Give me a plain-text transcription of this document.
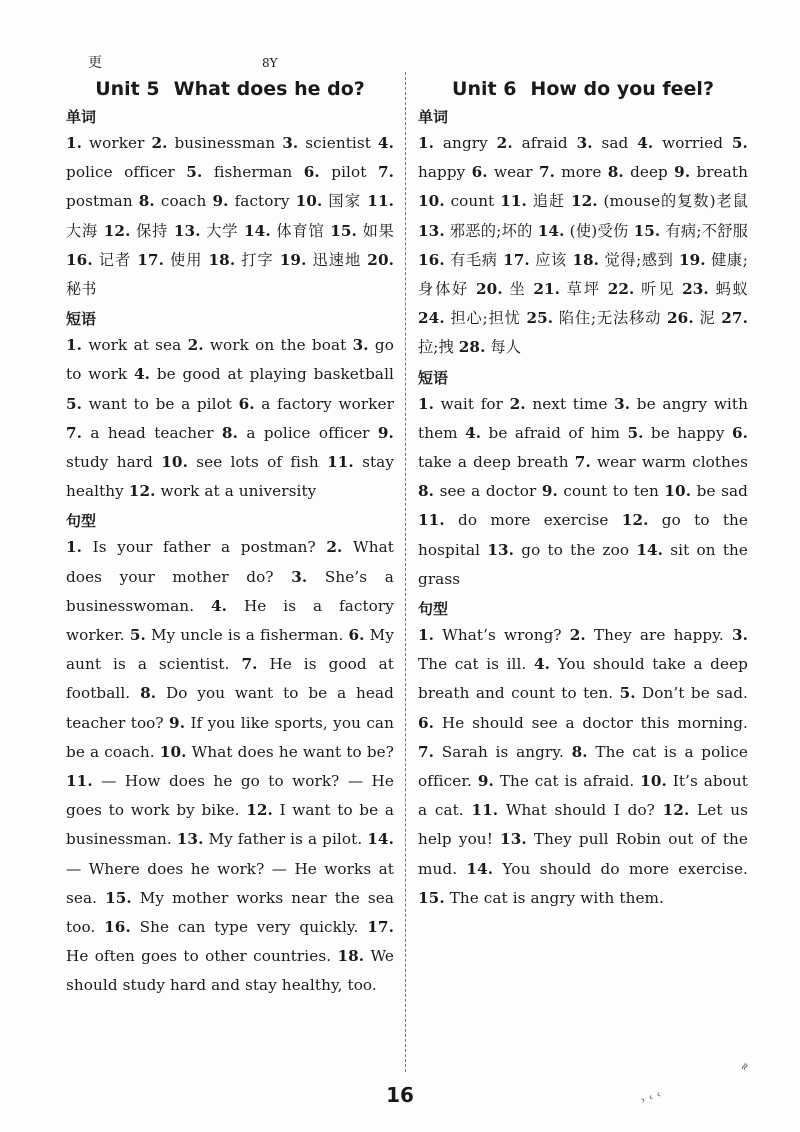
更	8Y
Unit 5 What does he do?
单词

1. worker 2. businessman 3. scientist 4. police officer 5. fisherman 6. pilot 7. postman 8. coach 9. factory 10. 国家 11. 大海 12. 保持 13. 大学 14. 体育馆 15. 如果 16. 记者 17. 使用 18. 打字 19. 迅速地 20. 秘书

短语

1. work at sea 2. work on the boat 3. go to work 4. be good at playing basketball 5. want to be a pilot 6. a factory worker 7. a head teacher 8. a police officer 9. study hard 10. see lots of fish 11. stay healthy 12. work at a university

句型

1. Is your father a postman? 2. What does your mother do? 3. She’s a businesswoman. 4. He is a factory worker. 5. My uncle is a fisherman. 6. My aunt is a scientist. 7. He is good at football. 8. Do you want to be a head teacher too? 9. If you like sports, you can be a coach. 10. What does he want to be? 11. — How does he go to work? — He goes to work by bike. 12. I want to be a businessman. 13. My father is a pilot. 14. — Where does he work? — He works at sea. 15. My mother works near the sea too. 16. She can type very quickly. 17. He often goes to other countries. 18. We should study hard and stay healthy, too.

Unit 6 How do you feel?
单词

1. angry 2. afraid 3. sad 4. worried 5. happy 6. wear 7. more 8. deep 9. breath 10. count 11. 追赶 12. (mouse的复数)老鼠 13. 邪恶的;坏的 14. (使)受伤 15. 有病;不舒服 16. 有毛病 17. 应该 18. 觉得;感到 19. 健康;身体好 20. 坐 21. 草坪 22. 听见 23. 蚂蚁 24. 担心;担忧 25. 陷住;无法移动 26. 泥 27. 拉;拽 28. 每人

短语

1. wait for 2. next time 3. be angry with them 4. be afraid of him 5. be happy 6. take a deep breath 7. wear warm clothes 8. see a doctor 9. count to ten 10. be sad 11. do more exercise 12. go to the hospital 13. go to the zoo 14. sit on the grass

句型

1. What’s wrong? 2. They are happy. 3. The cat is ill. 4. You should take a deep breath and count to ten. 5. Don’t be sad. 6. He should see a doctor this morning. 7. Sarah is angry. 8. The cat is a police officer. 9. The cat is afraid. 10. It’s about a cat. 11. What should I do? 12. Let us help you! 13. They pull Robin out of the mud. 14. You should do more exercise. 15. The cat is angry with them.

16
≈
›‹‹
